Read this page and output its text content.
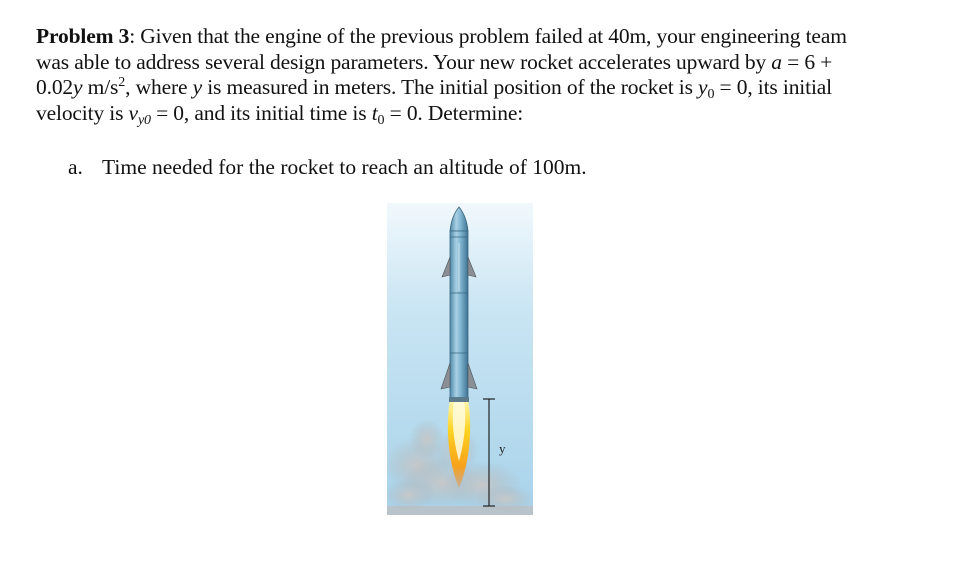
Problem 3: Given that the engine of the previous problem failed at 40m, your engineering team
was able to address several design parameters. Your new rocket accelerates upward by a = 6 +
0.02y $m/s^2$, where y is measured in meters. The initial position of the rocket is $y_0 = 0$, its initial
velocity is $v_{y0} = 0$, and its initial time is $t_0 = 0$. Determine:
a. Time needed for the rocket to reach an altitude of 100m.
y
